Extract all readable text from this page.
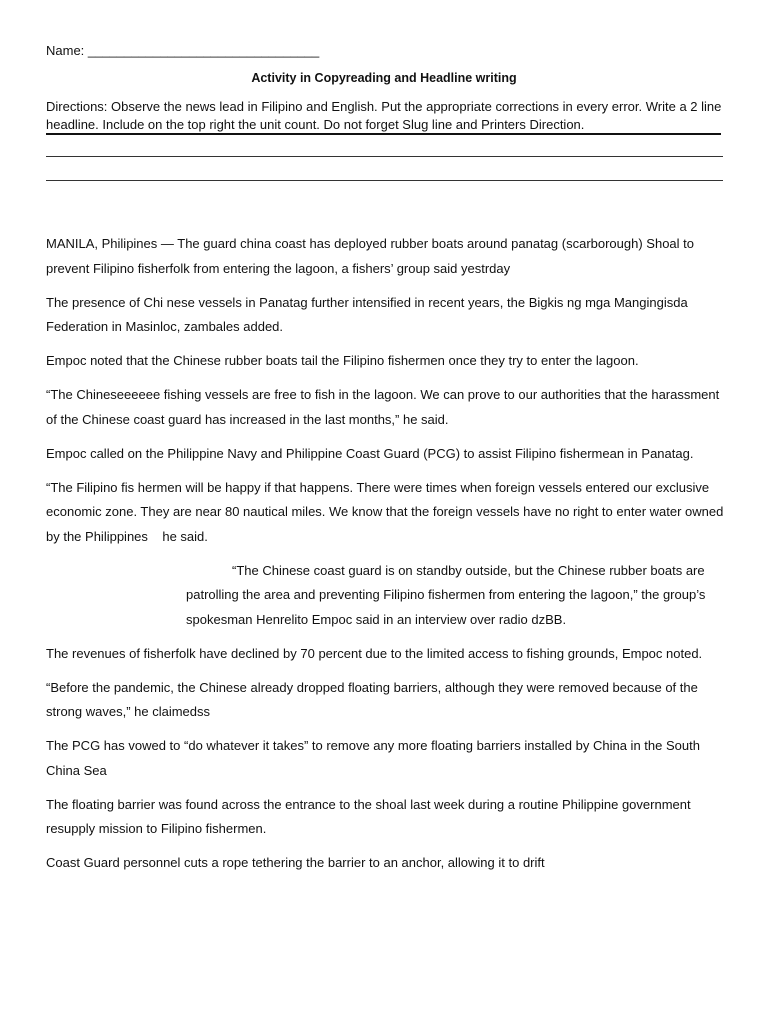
Name: ________________________________
Activity in Copyreading and Headline writing
Directions: Observe the news lead in Filipino and English. Put the appropriate corrections in every error. Write a 2 line headline. Include on the top right the unit count. Do not forget Slug line and Printers Direction.

MANILA, Philipines — The guard china coast has deployed rubber boats around panatag (scarborough) Shoal to prevent Filipino fisherfolk from entering the lagoon, a fishers’ group said yestrday

The presence of Chi nese vessels in Panatag further intensified in recent years, the Bigkis ng mga Mangingisda Federation in Masinloc, zambales added.

Empoc noted that the Chinese rubber boats tail the Filipino fishermen once they try to enter the lagoon.

“The Chineseeeeee fishing vessels are free to fish in the lagoon. We can prove to our authorities that the harassment of the Chinese coast guard has increased in the last months,” he said.

Empoc called on the Philippine Navy and Philippine Coast Guard (PCG) to assist Filipino fishermean in Panatag.

“The Filipino fis hermen will be happy if that happens. There were times when foreign vessels entered our exclusive economic zone. They are near 80 nautical miles. We know that the foreign vessels have no right to enter water owned by the Philippines    he said.

“The Chinese coast guard is on standby outside, but the Chinese rubber boats are patrolling the area and preventing Filipino fishermen from entering the lagoon,” the group’s spokesman Henrelito Empoc said in an interview over radio dzBB.

The revenues of fisherfolk have declined by 70 percent due to the limited access to fishing grounds, Empoc noted.

“Before the pandemic, the Chinese already dropped floating barriers, although they were removed because of the strong waves,” he claimedss

The PCG has vowed to “do whatever it takes” to remove any more floating barriers installed by China in the South China Sea

The floating barrier was found across the entrance to the shoal last week during a routine Philippine government resupply mission to Filipino fishermen.

Coast Guard personnel cuts a rope tethering the barrier to an anchor, allowing it to drift
